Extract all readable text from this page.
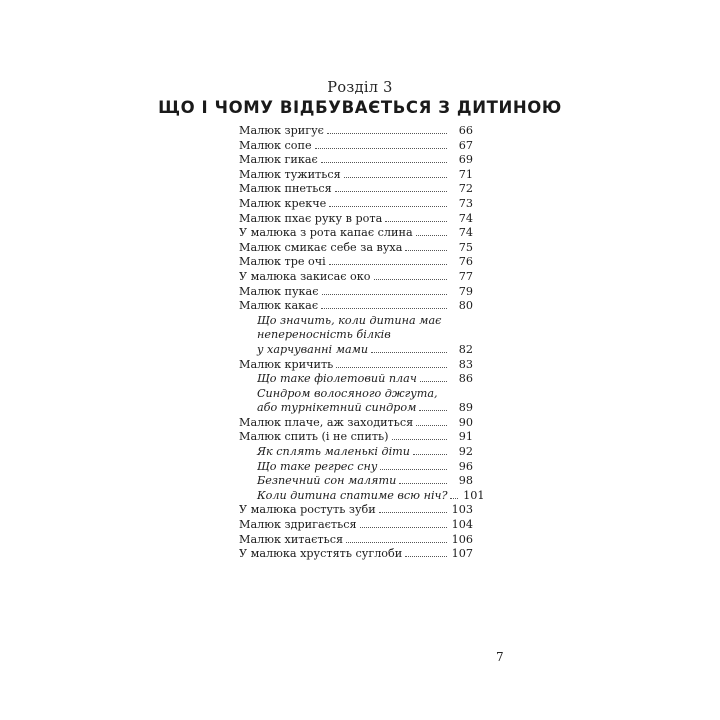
Розділ 3
ЩО І ЧОМУ ВІДБУВАЄТЬСЯ З ДИТИНОЮ
Малюк зригує	66
Малюк сопе	67
Малюк гикає	69
Малюк тужиться	71
Малюк пнеться	72
Малюк крекче	73
Малюк пхає руку в рота	74
У малюка з рота капає слина	74
Малюк смикає себе за вуха	75
Малюк тре очі	76
У малюка закисає око	77
Малюк пукає	79
Малюк какає	80
Що значить, коли дитина має
непереносність білків
у харчуванні мами	82
Малюк кричить	83
Що таке фіолетовий плач	86
Синдром волосяного джгута,
або турнікетний синдром	89
Малюк плаче, аж заходиться	90
Малюк спить (і не спить)	91
Як сплять маленькі діти	92
Що таке регрес сну	96
Безпечний сон маляти	98
Коли дитина спатиме всю ніч?	101
У малюка ростуть зуби	103
Малюк здригається	104
Малюк хитається	106
У малюка хрустять суглоби	107
7
